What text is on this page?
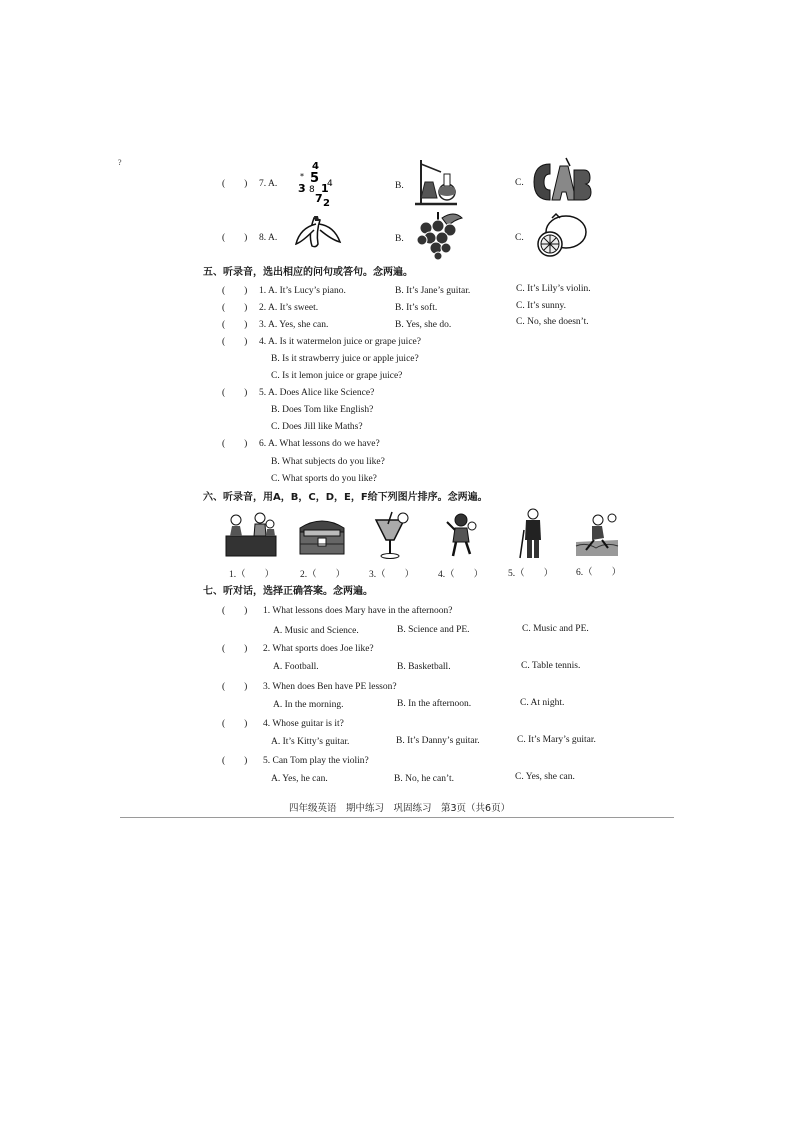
?
(　　) 7. A.	B.	C.
4
5
*
3 8 1
7 2
4
(　　) 8. A.	B.	C.
五、听录音，选出相应的问句或答句。念两遍。
(　　) 1. A. It’s Lucy’s piano.	B. It’s Jane’s guitar.	C. It’s Lily’s violin.
(　　) 2. A. It’s sweet.	B. It’s soft.	C. It’s sunny.
(　　) 3. A. Yes, she can.	B. Yes, she do.	C. No, she doesn’t.
(　　) 4. A. Is it watermelon juice or grape juice?
B. Is it strawberry juice or apple juice?
C. Is it lemon juice or grape juice?
(　　) 5. A. Does Alice like Science?
B. Does Tom like English?
C. Does Jill like Maths?
(　　) 6. A. What lessons do we have?
B. What subjects do you like?
C. What sports do you like?
六、听录音，用A，B，C，D，E，F给下列图片排序。念两遍。
1.（　　）	2.（　　）	3.（　　）	4.（　　）	5.（　　） 6.（　　）
七、听对话，选择正确答案。念两遍。
(　　) 1. What lessons does Mary have in the afternoon?
A. Music and Science.	B. Science and PE.	C. Music and PE.
(　　) 2. What sports does Joe like?
A. Football.	B. Basketball.	C. Table tennis.
(　　) 3. When does Ben have PE lesson?
A. In the morning.	B. In the afternoon.	C. At night.
(　　) 4. Whose guitar is it?
A. It’s Kitty’s guitar.	B. It’s Danny’s guitar.	C. It’s Mary’s guitar.
(　　) 5. Can Tom play the violin?
A. Yes, he can.	B. No, he can’t.	C. Yes, she can.
四年级英语　期中练习　巩固练习　第3页（共6页）
